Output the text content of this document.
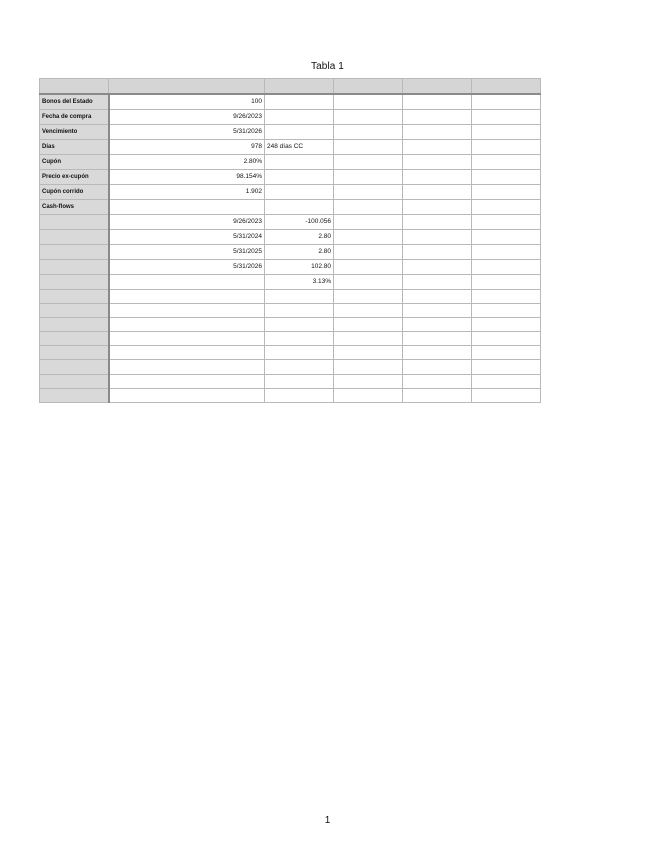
Tabla 1

Bonos del Estado	100				
Fecha de compra	9/26/2023				
Vencimiento	5/31/2026				
Días	978	248 días CC			
Cupón	2.80%				
Precio ex-cupón	98.154%				
Cupón corrido	1.902				
Cash-flows					
	9/26/2023	-100.056			
	5/31/2024	2.80			
	5/31/2025	2.80			
	5/31/2026	102.80			
		3.13%			

1
